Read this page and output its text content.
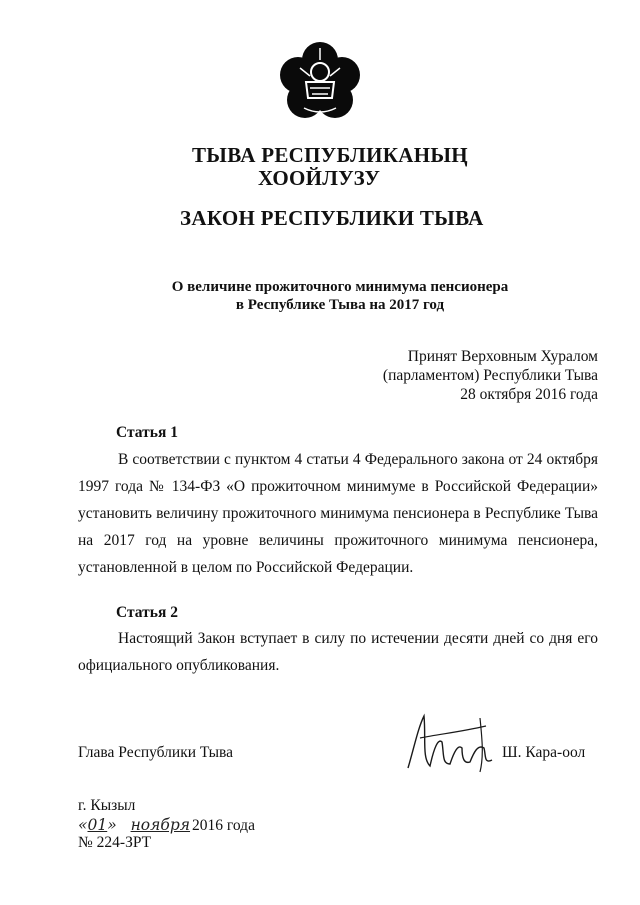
ТЫВА РЕСПУБЛИКАНЫҢ
ХООЙЛУЗУ
ЗАКОН РЕСПУБЛИКИ ТЫВА
О величине прожиточного минимума пенсионера
в Республике Тыва на 2017 год
Принят Верховным Хуралом
(парламентом) Республики Тыва
28 октября 2016 года
Статья 1
В соответствии с пунктом 4 статьи 4 Федерального закона от 24 октября 1997 года № 134-ФЗ «О прожиточном минимуме в Российской Федерации» установить величину прожиточного минимума пенсионера в Республике Тыва на 2017 год на уровне величины прожиточного минимума пенсионера, установленной в целом по Российской Федерации.
Статья 2
Настоящий Закон вступает в силу по истечении десяти дней со дня его официального опубликования.
Глава Республики Тыва	Ш. Кара-оол
г. Кызыл
«01» ноября 2016 года
№ 224-ЗРТ
